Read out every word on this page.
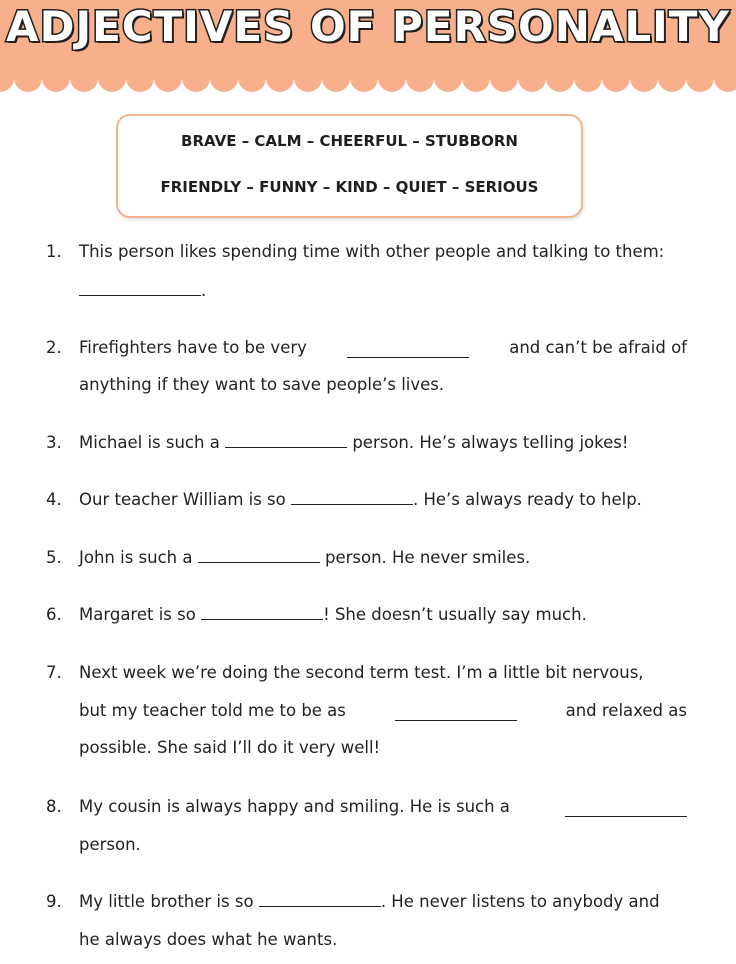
ADJECTIVES OF PERSONALITY
BRAVE – CALM – CHEERFUL – STUBBORN
FRIENDLY – FUNNY – KIND – QUIET – SERIOUS
1. This person likes spending time with other people and talking to them:
.
2. Firefighters have to be very	and can’t be afraid of
anything if they want to save people’s lives.
3. Michael is such a	person. He’s always telling jokes!
4. Our teacher William is so	. He’s always ready to help.
5. John is such a	person. He never smiles.
6. Margaret is so	! She doesn’t usually say much.
7. Next week we’re doing the second term test. I’m a little bit nervous,
but my teacher told me to be as	and relaxed as
possible. She said I’ll do it very well!
8. My cousin is always happy and smiling. He is such a
person.
9. My little brother is so	. He never listens to anybody and
he always does what he wants.
